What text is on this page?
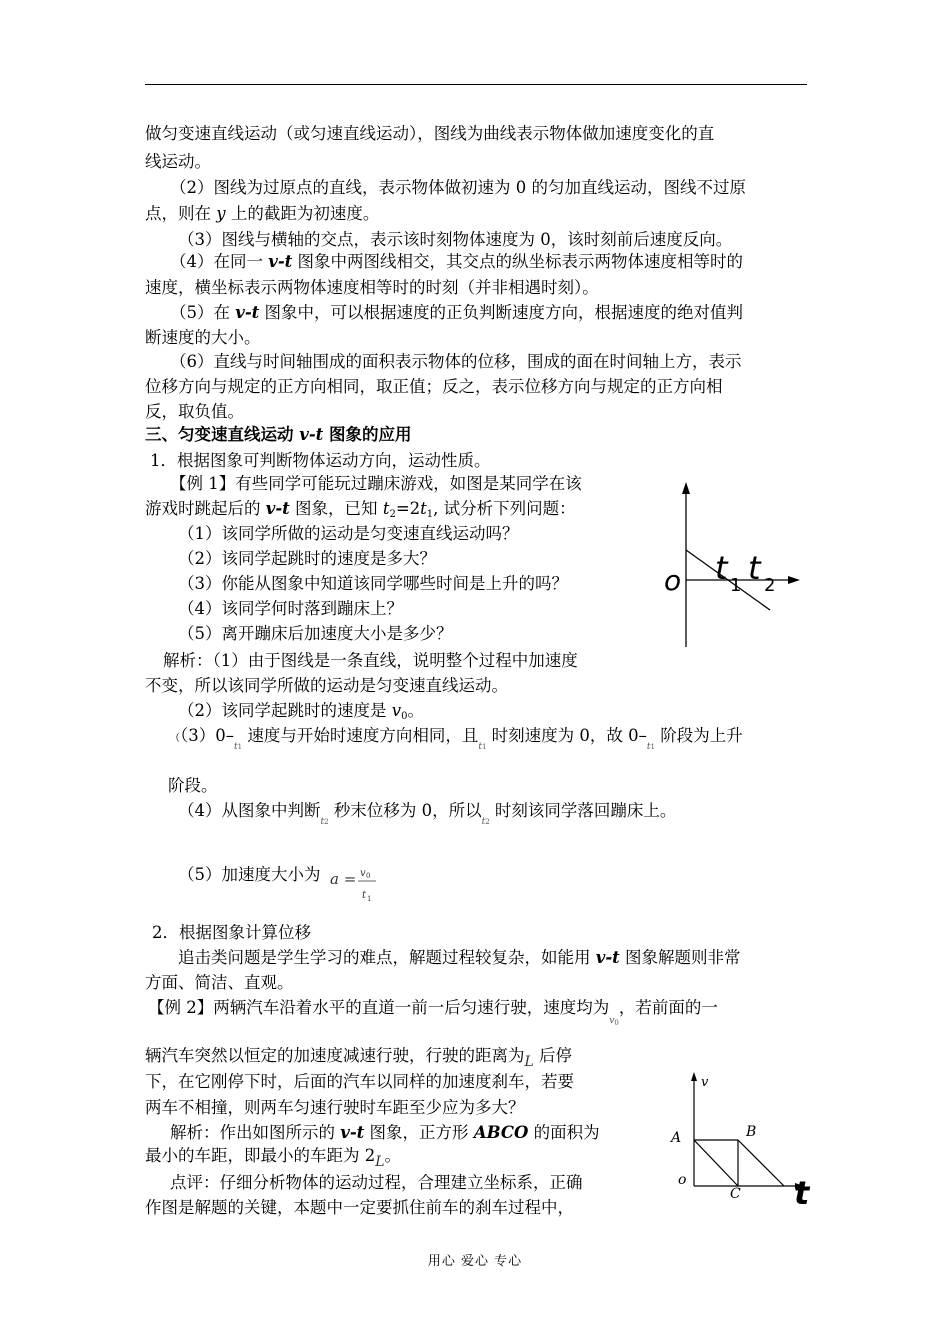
做匀变速直线运动（或匀速直线运动），图线为曲线表示物体做加速度变化的直
线运动。
（2）图线为过原点的直线，表示物体做初速为 0 的匀加直线运动，图线不过原
点，则在 y 上的截距为初速度。
（3）图线与横轴的交点，表示该时刻物体速度为 0，该时刻前后速度反向。
（4）在同一 v-t 图象中两图线相交，其交点的纵坐标表示两物体速度相等时的
速度，横坐标表示两物体速度相等时的时刻（并非相遇时刻）。
（5）在 v-t 图象中，可以根据速度的正负判断速度方向，根据速度的绝对值判
断速度的大小。
（6）直线与时间轴围成的面积表示物体的位移，围成的面在时间轴上方，表示
位移方向与规定的正方向相同，取正值；反之，表示位移方向与规定的正方向相
反，取负值。
三、匀变速直线运动 v-t 图象的应用
1．根据图象可判断物体运动方向，运动性质。
【例 1】有些同学可能玩过蹦床游戏，如图是某同学在该
游戏时跳起后的 v-t 图象，已知 $t_2=2t_1$, 试分析下列问题：
（1）该同学所做的运动是匀变速直线运动吗？
（2）该同学起跳时的速度是多大？
（3）你能从图象中知道该同学哪些时间是上升的吗？
（4）该同学何时落到蹦床上？
（5）离开蹦床后加速度大小是多少？
o t 1 t 2
解析：（1）由于图线是一条直线，说明整个过程中加速度
不变，所以该同学所做的运动是匀变速直线运动。
（2）该同学起跳时的速度是 $v_0$。
（$(3)0-_{t1}$ 速度与开始时速度方向相同，且$_{t1}$ 时刻速度为 0，故 $0-_{t1}$ 阶段为上升
阶段。
（4）从图象中判断$_{t2}$ 秒末位移为 0，所以$_{t2}$ 时刻该同学落回蹦床上。
（5）加速度大小为 a = v 0
t 1
2．根据图象计算位移
追击类问题是学生学习的难点，解题过程较复杂，如能用 v-t 图象解题则非常
方面、简洁、直观。
【例 2】两辆汽车沿着水平的直道一前一后匀速行驶，速度均为$_{v0}$，若前面的一
辆汽车突然以恒定的加速度减速行驶，行驶的距离为$_L$ 后停
下，在它刚停下时，后面的汽车以同样的加速度刹车，若要
两车不相撞，则两车匀速行驶时车距至少应为多大？
解析：作出如图所示的 v-t 图象，正方形 ABCO 的面积为
最小的车距，即最小的车距为 $2_L$。
点评：仔细分析物体的运动过程，合理建立坐标系，正确
作图是解题的关键，本题中一定要抓住前车的刹车过程中，
v
A	B
o
C t
用心 爱心 专心
